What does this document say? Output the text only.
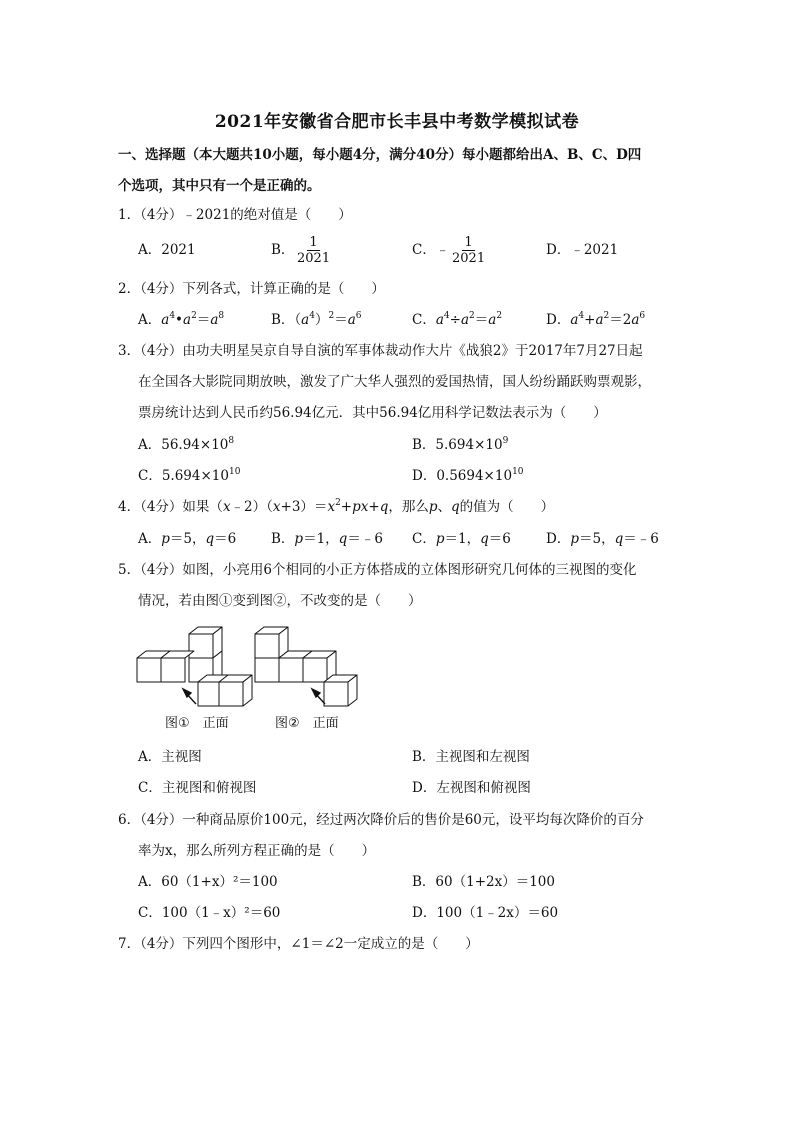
2021年安徽省合肥市长丰县中考数学模拟试卷
一、选择题（本大题共10小题，每小题4分，满分40分）每小题都给出A、B、C、D四
个选项，其中只有一个是正确的。
1．（4分）﹣2021的绝对值是（　　）
A．2021	B． $\frac{1}{2021}$	C．﹣ $\frac{1}{2021}$	D．﹣2021
2．（4分）下列各式，计算正确的是（　　）
A．$a^4•a^2=a^8$	B．$(a^4)^2=a^6$	C．$a^4\div a^2=a^2$	D．$a^4+a^2=2a^6$
3．（4分）由功夫明星吴京自导自演的军事体裁动作大片《战狼2》于2017年7月27日起
在全国各大影院同期放映，激发了广大华人强烈的爱国热情，国人纷纷踊跃购票观影，
票房统计达到人民币约56.94亿元．其中56.94亿用科学记数法表示为（　　）
A．$56.94\times 10^8$	B．$5.694\times 10^9$
C．$5.694\times 10^{10}$	D．$0.5694\times 10^{10}$
4．（4分）如果$(x﹣2)(x+3)=x^2+px+q$，那么p、q的值为（　　）
A．p＝5，q＝6	B．p＝1，q＝﹣6 C．p＝1，q＝6	D．p＝5，q＝﹣6
5．（4分）如图，小亮用6个相同的小正方体搭成的立体图形研究几何体的三视图的变化
情况，若由图①变到图②，不改变的是（　　）
图①　正面	图②　正面
A．主视图	B．主视图和左视图
C．主视图和俯视图	D．左视图和俯视图
6．（4分）一种商品原价100元，经过两次降价后的售价是60元，设平均每次降价的百分
率为x，那么所列方程正确的是（　　）
A．60（1+x）²＝100	B．60（1+2x）＝100
C．100（1﹣x）²＝60	D．100（1﹣2x）＝60
7．（4分）下列四个图形中，∠1＝∠2一定成立的是（　　）
